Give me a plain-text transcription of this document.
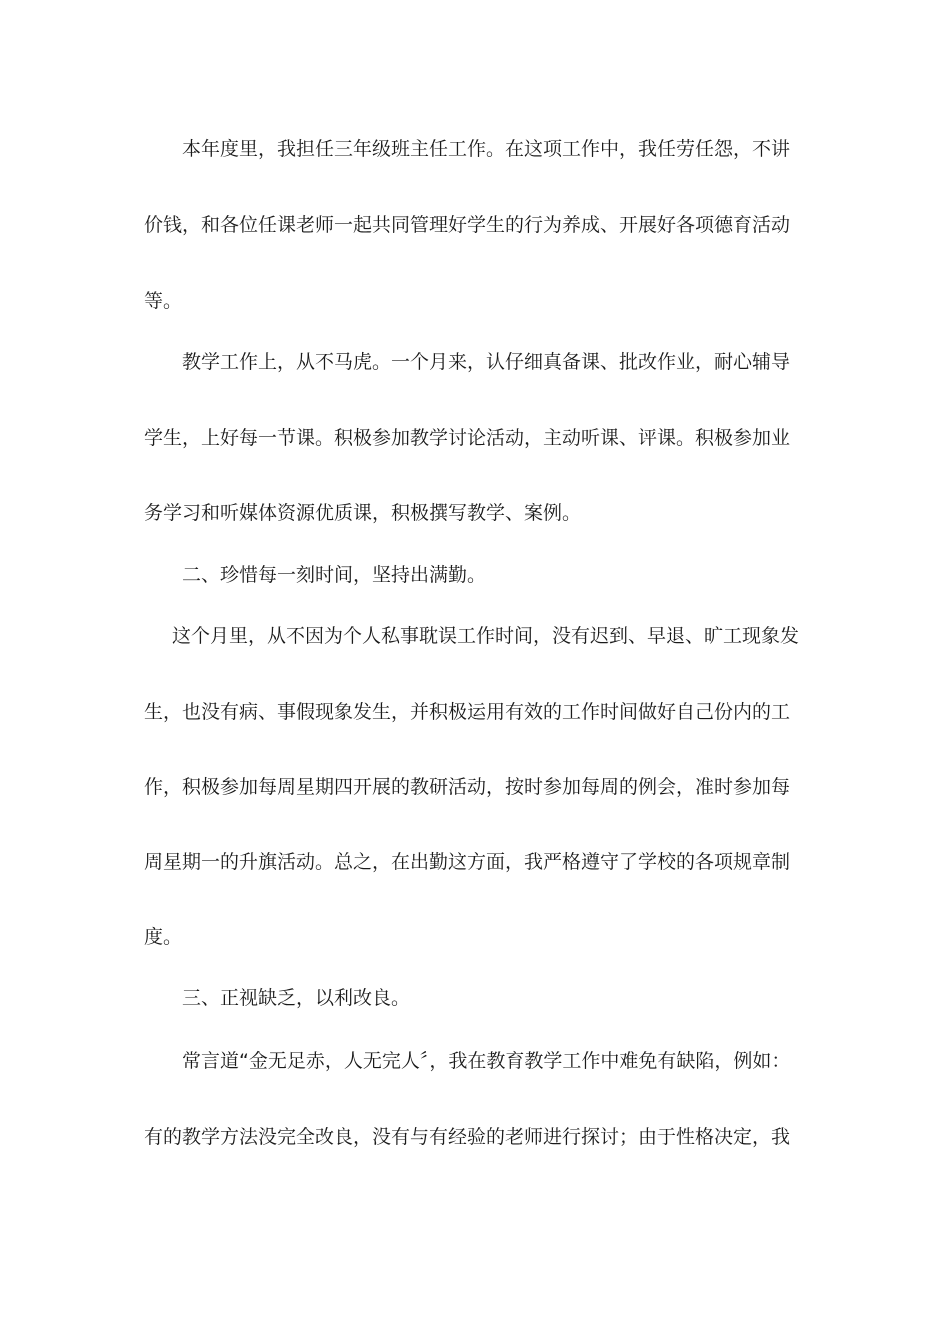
本年度里，我担任三年级班主任工作。在这项工作中，我任劳任怨，不讲

价钱，和各位任课老师一起共同管理好学生的行为养成、开展好各项德育活动

等。

教学工作上，从不马虎。一个月来，认仔细真备课、批改作业，耐心辅导

学生，上好每一节课。积极参加教学讨论活动，主动听课、评课。积极参加业

务学习和听媒体资源优质课，积极撰写教学、案例。

二、珍惜每一刻时间，坚持出满勤。

这个月里，从不因为个人私事耽误工作时间，没有迟到、早退、旷工现象发

生，也没有病、事假现象发生，并积极运用有效的工作时间做好自己份内的工

作，积极参加每周星期四开展的教研活动，按时参加每周的例会，准时参加每

周星期一的升旗活动。总之，在出勤这方面，我严格遵守了学校的各项规章制

度。

三、正视缺乏，以利改良。

常言道“金无足赤，人无完人〞，我在教育教学工作中难免有缺陷，例如：

有的教学方法没完全改良，没有与有经验的老师进行探讨；由于性格决定，我
